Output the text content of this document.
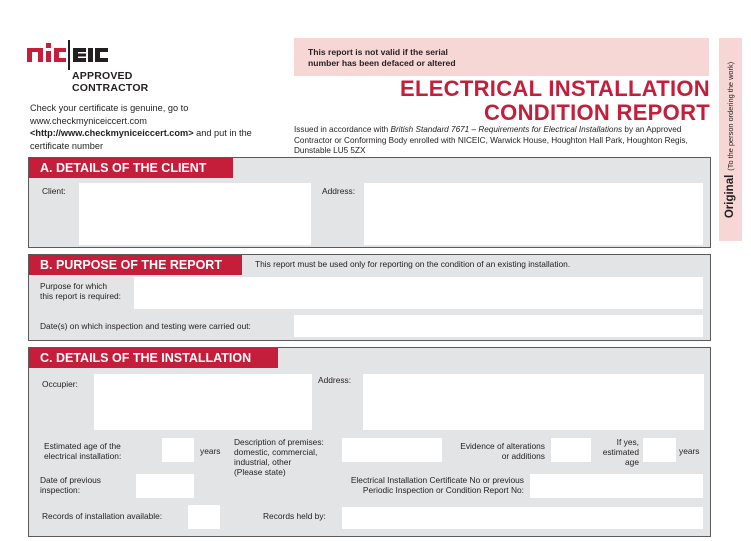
APPROVED
CONTRACTOR
Check your certificate is genuine, go to
www.checkmyniceiccert.com
<http://www.checkmyniceiccert.com> and put in the
certificate number
This report is not valid if the serial
number has been defaced or altered
ELECTRICAL INSTALLATION
CONDITION REPORT
Issued in accordance with British Standard 7671 – Requirements for Electrical Installations by an Approved Contractor or Conforming Body enrolled with NICEIC, Warwick House, Houghton Hall Park, Houghton Regis, Dunstable LU5 5ZX
Original(To the person ordering the work)
A. DETAILS OF THE CLIENT
Client:	Address:
B. PURPOSE OF THE REPORT	This report must be used only for reporting on the condition of an existing installation.
Purpose for which
this report is required:
Date(s) on which inspection and testing were carried out:
C. DETAILS OF THE INSTALLATION
Occupier:	Address:
Estimated age of the
electrical installation:	years
Description of premises:
domestic, commercial,
industrial, other
(Please state)
Evidence of alterations
or additions
If yes,
estimated
age
years
Date of previous
inspection:
Electrical Installation Certificate No or previous
Periodic Inspection or Condition Report No:
Records of installation available:	Records held by:
